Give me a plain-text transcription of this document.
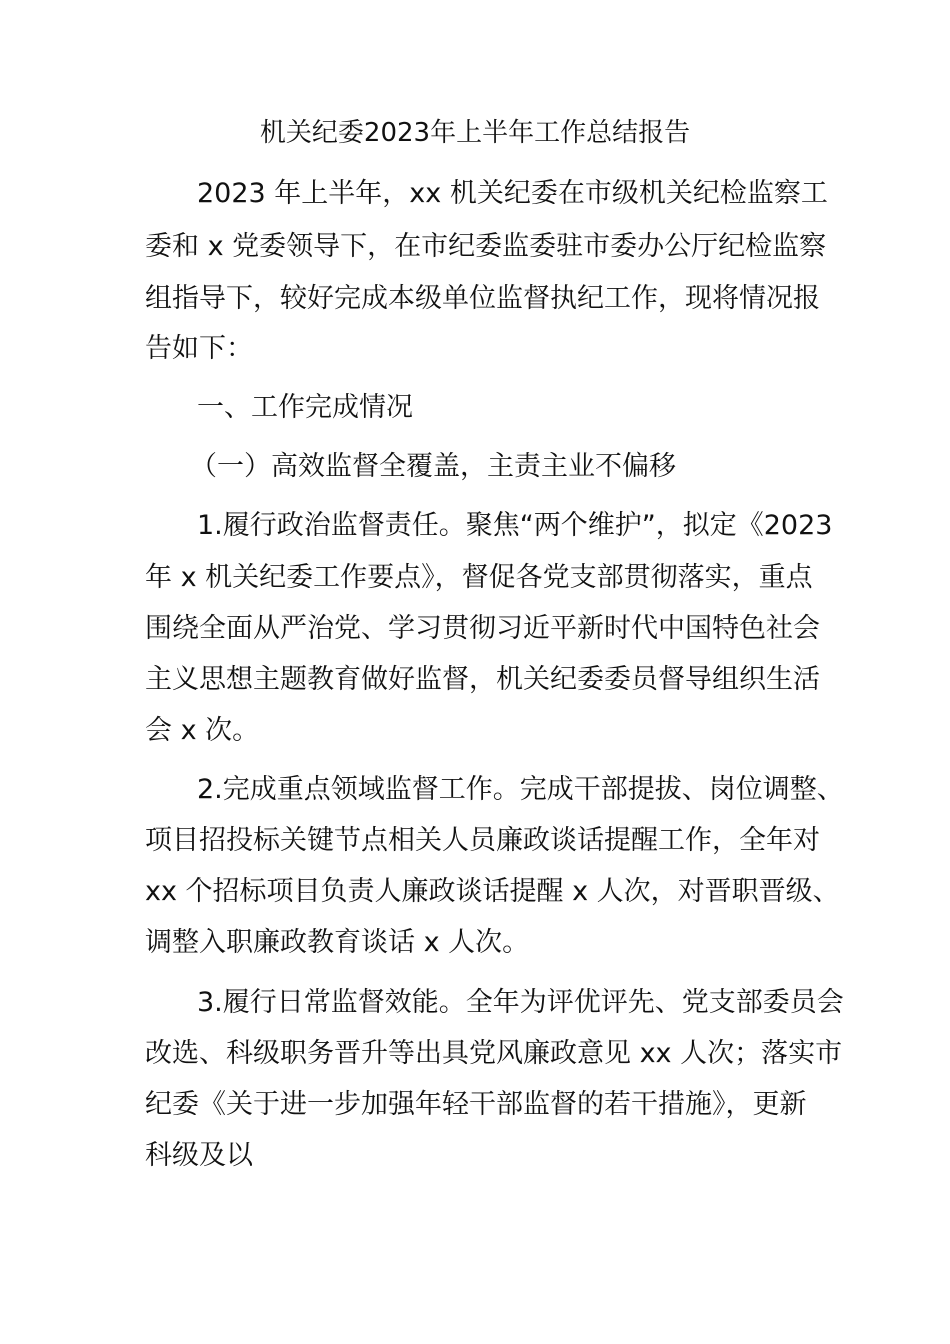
机关纪委2023年上半年工作总结报告

2023 年上半年，xx 机关纪委在市级机关纪检监察工

委和 x 党委领导下，在市纪委监委驻市委办公厅纪检监察

组指导下，较好完成本级单位监督执纪工作，现将情况报

告如下：

一、工作完成情况

（一）高效监督全覆盖，主责主业不偏移

1.履行政治监督责任。聚焦“两个维护”，拟定《2023

年 x 机关纪委工作要点》，督促各党支部贯彻落实，重点

围绕全面从严治党、学习贯彻习近平新时代中国特色社会

主义思想主题教育做好监督，机关纪委委员督导组织生活

会 x 次。

2.完成重点领域监督工作。完成干部提拔、岗位调整、

项目招投标关键节点相关人员廉政谈话提醒工作，全年对

xx 个招标项目负责人廉政谈话提醒 x 人次，对晋职晋级、

调整入职廉政教育谈话 x 人次。

3.履行日常监督效能。全年为评优评先、党支部委员会

改选、科级职务晋升等出具党风廉政意见 xx 人次；落实市

纪委《关于进一步加强年轻干部监督的若干措施》，更新

科级及以
